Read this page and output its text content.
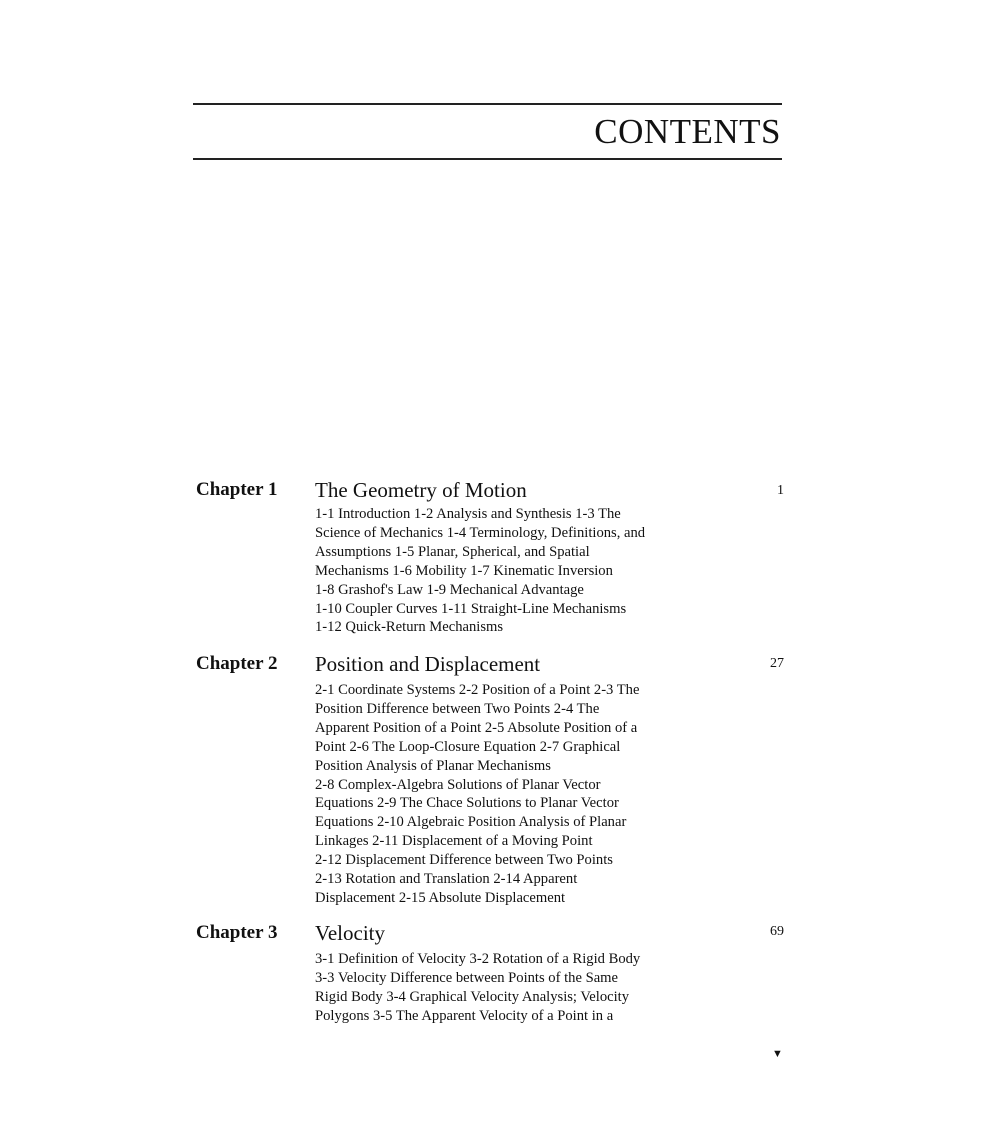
CONTENTS
Chapter 1 The Geometry of Motion	1
1-1 Introduction 1-2 Analysis and Synthesis 1-3 The
Science of Mechanics 1-4 Terminology, Definitions, and
Assumptions 1-5 Planar, Spherical, and Spatial
Mechanisms 1-6 Mobility 1-7 Kinematic Inversion
1-8 Grashof's Law 1-9 Mechanical Advantage
1-10 Coupler Curves 1-11 Straight-Line Mechanisms
1-12 Quick-Return Mechanisms
Chapter 2 Position and Displacement	27
2-1 Coordinate Systems 2-2 Position of a Point 2-3 The
Position Difference between Two Points 2-4 The
Apparent Position of a Point 2-5 Absolute Position of a
Point 2-6 The Loop-Closure Equation 2-7 Graphical
Position Analysis of Planar Mechanisms
2-8 Complex-Algebra Solutions of Planar Vector
Equations 2-9 The Chace Solutions to Planar Vector
Equations 2-10 Algebraic Position Analysis of Planar
Linkages 2-11 Displacement of a Moving Point
2-12 Displacement Difference between Two Points
2-13 Rotation and Translation 2-14 Apparent
Displacement 2-15 Absolute Displacement
Chapter 3 Velocity	69
3-1 Definition of Velocity 3-2 Rotation of a Rigid Body
3-3 Velocity Difference between Points of the Same
Rigid Body 3-4 Graphical Velocity Analysis; Velocity
Polygons 3-5 The Apparent Velocity of a Point in a
▼
